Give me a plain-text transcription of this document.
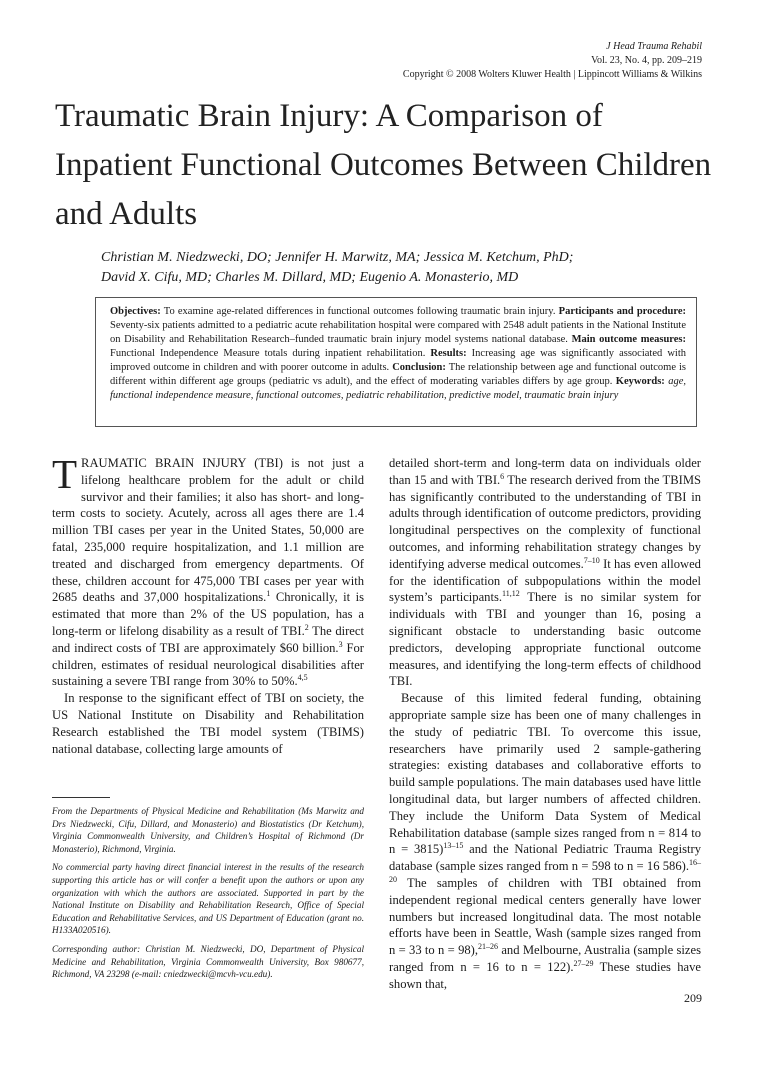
J Head Trauma Rehabil
Vol. 23, No. 4, pp. 209–219
Copyright © 2008 Wolters Kluwer Health | Lippincott Williams & Wilkins
Traumatic Brain Injury: A Comparison of Inpatient Functional Outcomes Between Children and Adults
Christian M. Niedzwecki, DO; Jennifer H. Marwitz, MA; Jessica M. Ketchum, PhD;
David X. Cifu, MD; Charles M. Dillard, MD; Eugenio A. Monasterio, MD
Objectives: To examine age-related differences in functional outcomes following traumatic brain injury. Participants and procedure: Seventy-six patients admitted to a pediatric acute rehabilitation hospital were compared with 2548 adult patients in the National Institute on Disability and Rehabilitation Research–funded traumatic brain injury model systems national database. Main outcome measures: Functional Independence Measure totals during inpatient rehabilitation. Results: Increasing age was significantly associated with improved outcome in children and with poorer outcome in adults. Conclusion: The relationship between age and functional outcome is different within different age groups (pediatric vs adult), and the effect of moderating variables differs by age group. Keywords: age, functional independence measure, functional outcomes, pediatric rehabilitation, predictive model, traumatic brain injury

TRAUMATIC BRAIN INJURY (TBI) is not just a lifelong healthcare problem for the adult or child survivor and their families; it also has short- and long-term costs to society. Acutely, across all ages there are 1.4 million TBI cases per year in the United States, 50,000 are fatal, 235,000 require hospitalization, and 1.1 million are treated and discharged from emergency departments. Of these, children account for 475,000 TBI cases per year with 2685 deaths and 37,000 hospitalizations.$^1$ Chronically, it is estimated that more than 2% of the US population, has a long-term or lifelong disability as a result of TBI.$^2$ The direct and indirect costs of TBI are approximately $60 billion.$^3$ For children, estimates of residual neurological disabilities after sustaining a severe TBI range from 30% to 50%.$^{4,5}$

In response to the significant effect of TBI on society, the US National Institute on Disability and Rehabilitation Research established the TBI model system (TBIMS) national database, collecting large amounts of

From the Departments of Physical Medicine and Rehabilitation (Ms Marwitz and Drs Niedzwecki, Cifu, Dillard, and Monasterio) and Biostatistics (Dr Ketchum), Virginia Commonwealth University, and Children’s Hospital of Richmond (Dr Monasterio), Richmond, Virginia.

No commercial party having direct financial interest in the results of the research supporting this article has or will confer a benefit upon the authors or upon any organization with which the authors are associated. Supported in part by the National Institute on Disability and Rehabilitation Research, Office of Special Education and Rehabilitative Services, and US Department of Education (grant no. H133A020516).

Corresponding author: Christian M. Niedzwecki, DO, Department of Physical Medicine and Rehabilitation, Virginia Commonwealth University, Box 980677, Richmond, VA 23298 (e-mail: cniedzwecki@mcvh-vcu.edu).

detailed short-term and long-term data on individuals older than 15 and with TBI.$^6$ The research derived from the TBIMS has significantly contributed to the understanding of TBI in adults through identification of outcome predictors, providing longitudinal perspectives on the complexity of functional outcomes, and informing rehabilitation strategy changes by identifying adverse medical outcomes.$^{7-10}$ It has even allowed for the identification of subpopulations within the model system’s participants.$^{11,12}$ There is no similar system for individuals with TBI and younger than 16, posing a significant obstacle to understanding basic outcome predictors, developing appropriate functional outcome measures, and identifying the long-term effects of childhood TBI.

Because of this limited federal funding, obtaining appropriate sample size has been one of many challenges in the study of pediatric TBI. To overcome this issue, researchers have primarily used 2 sample-gathering strategies: existing databases and collaborative efforts to build sample populations. The main databases used have little longitudinal data, but larger numbers of affected children. They include the Uniform Data System of Medical Rehabilitation database (sample sizes ranged from n = 814 to n = 3815)$^{13-15}$ and the National Pediatric Trauma Registry database (sample sizes ranged from n = 598 to n = 16 586).$^{16-20}$ The samples of children with TBI obtained from independent regional medical centers generally have lower numbers but increased longitudinal data. The most notable efforts have been in Seattle, Wash (sample sizes ranged from n = 33 to n = 98),$^{21-26}$ and Melbourne, Australia (sample sizes ranged from n = 16 to n = 122).$^{27-29}$ These studies have shown that,

209
